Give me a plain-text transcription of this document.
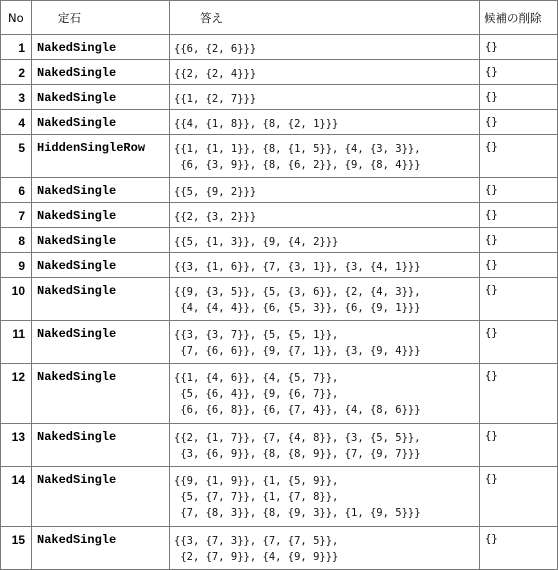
No	定石	答え	候補の削除
1	NakedSingle	{{6, {2, 6}}}	{}
2	NakedSingle	{{2, {2, 4}}}	{}
3	NakedSingle	{{1, {2, 7}}}	{}
4	NakedSingle	{{4, {1, 8}}, {8, {2, 1}}}	{}
5	HiddenSingleRow	{{1, {1, 1}}, {8, {1, 5}}, {4, {3, 3}},
{6, {3, 9}}, {8, {6, 2}}, {9, {8, 4}}}	{}
6	NakedSingle	{{5, {9, 2}}}	{}
7	NakedSingle	{{2, {3, 2}}}	{}
8	NakedSingle	{{5, {1, 3}}, {9, {4, 2}}}	{}
9	NakedSingle	{{3, {1, 6}}, {7, {3, 1}}, {3, {4, 1}}}	{}
10	NakedSingle	{{9, {3, 5}}, {5, {3, 6}}, {2, {4, 3}},
{4, {4, 4}}, {6, {5, 3}}, {6, {9, 1}}}	{}
11	NakedSingle	{{3, {3, 7}}, {5, {5, 1}},
{7, {6, 6}}, {9, {7, 1}}, {3, {9, 4}}}	{}
12	NakedSingle	{{1, {4, 6}}, {4, {5, 7}},
{5, {6, 4}}, {9, {6, 7}},
{6, {6, 8}}, {6, {7, 4}}, {4, {8, 6}}}	{}
13	NakedSingle	{{2, {1, 7}}, {7, {4, 8}}, {3, {5, 5}},
{3, {6, 9}}, {8, {8, 9}}, {7, {9, 7}}}	{}
14	NakedSingle	{{9, {1, 9}}, {1, {5, 9}},
{5, {7, 7}}, {1, {7, 8}},
{7, {8, 3}}, {8, {9, 3}}, {1, {9, 5}}}	{}
15	NakedSingle	{{3, {7, 3}}, {7, {7, 5}},
{2, {7, 9}}, {4, {9, 9}}}	{}
